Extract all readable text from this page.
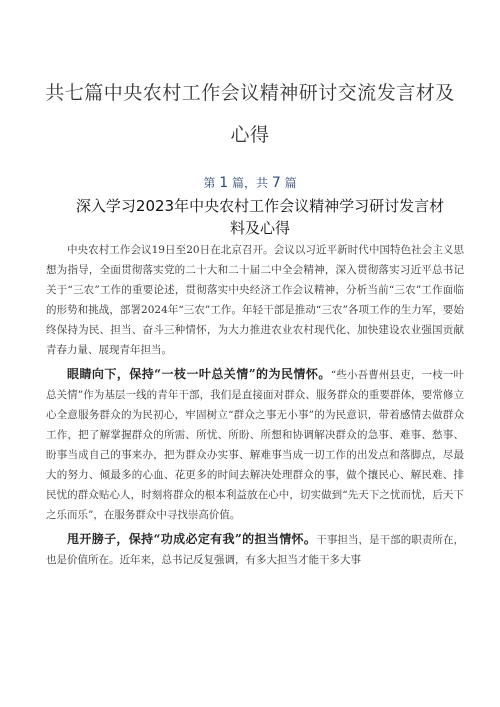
共七篇中央农村工作会议精神研讨交流发言材及心得
第 1 篇，共 7 篇
深入学习2023年中央农村工作会议精神学习研讨发言材料及心得

中央农村工作会议19日至20日在北京召开。会议以习近平新时代中国特色社会主义思想为指导，全面贯彻落实党的二十大和二十届二中全会精神，深入贯彻落实习近平总书记关于“三农”工作的重要论述，贯彻落实中央经济工作会议精神，分析当前“三农”工作面临的形势和挑战，部署2024年“三农”工作。年轻干部是推动“三农”各项工作的生力军，要始终保持为民、担当、奋斗三种情怀，为大力推进农业农村现代化、加快建设农业强国贡献青春力量、展现青年担当。

眼睛向下，保持“一枝一叶总关情”的为民情怀。“些小吾曹州县吏，一枝一叶总关情”作为基层一线的青年干部，我们是直接面对群众、服务群众的重要群体，要常修立心全意服务群众的为民初心，牢固树立“群众之事无小事”的为民意识，带着感情去做群众工作，把了解掌握群众的所需、所忧、所盼、所想和协调解决群众的急事、难事、愁事、盼事当成自己的事来办，把为群众办实事、解难事当成一切工作的出发点和落脚点，尽最大的努力、倾最多的心血、花更多的时间去解决处理群众的事，做个攘民心、解民难、排民忧的群众贴心人，时刻将群众的根本利益放在心中，切实做到“先天下之忧而忧，后天下之乐而乐”，在服务群众中寻找崇高价值。

甩开膀子，保持“功成必定有我”的担当情怀。干事担当，是干部的职责所在，也是价值所在。近年来，总书记反复强调，有多大担当才能干多大事
